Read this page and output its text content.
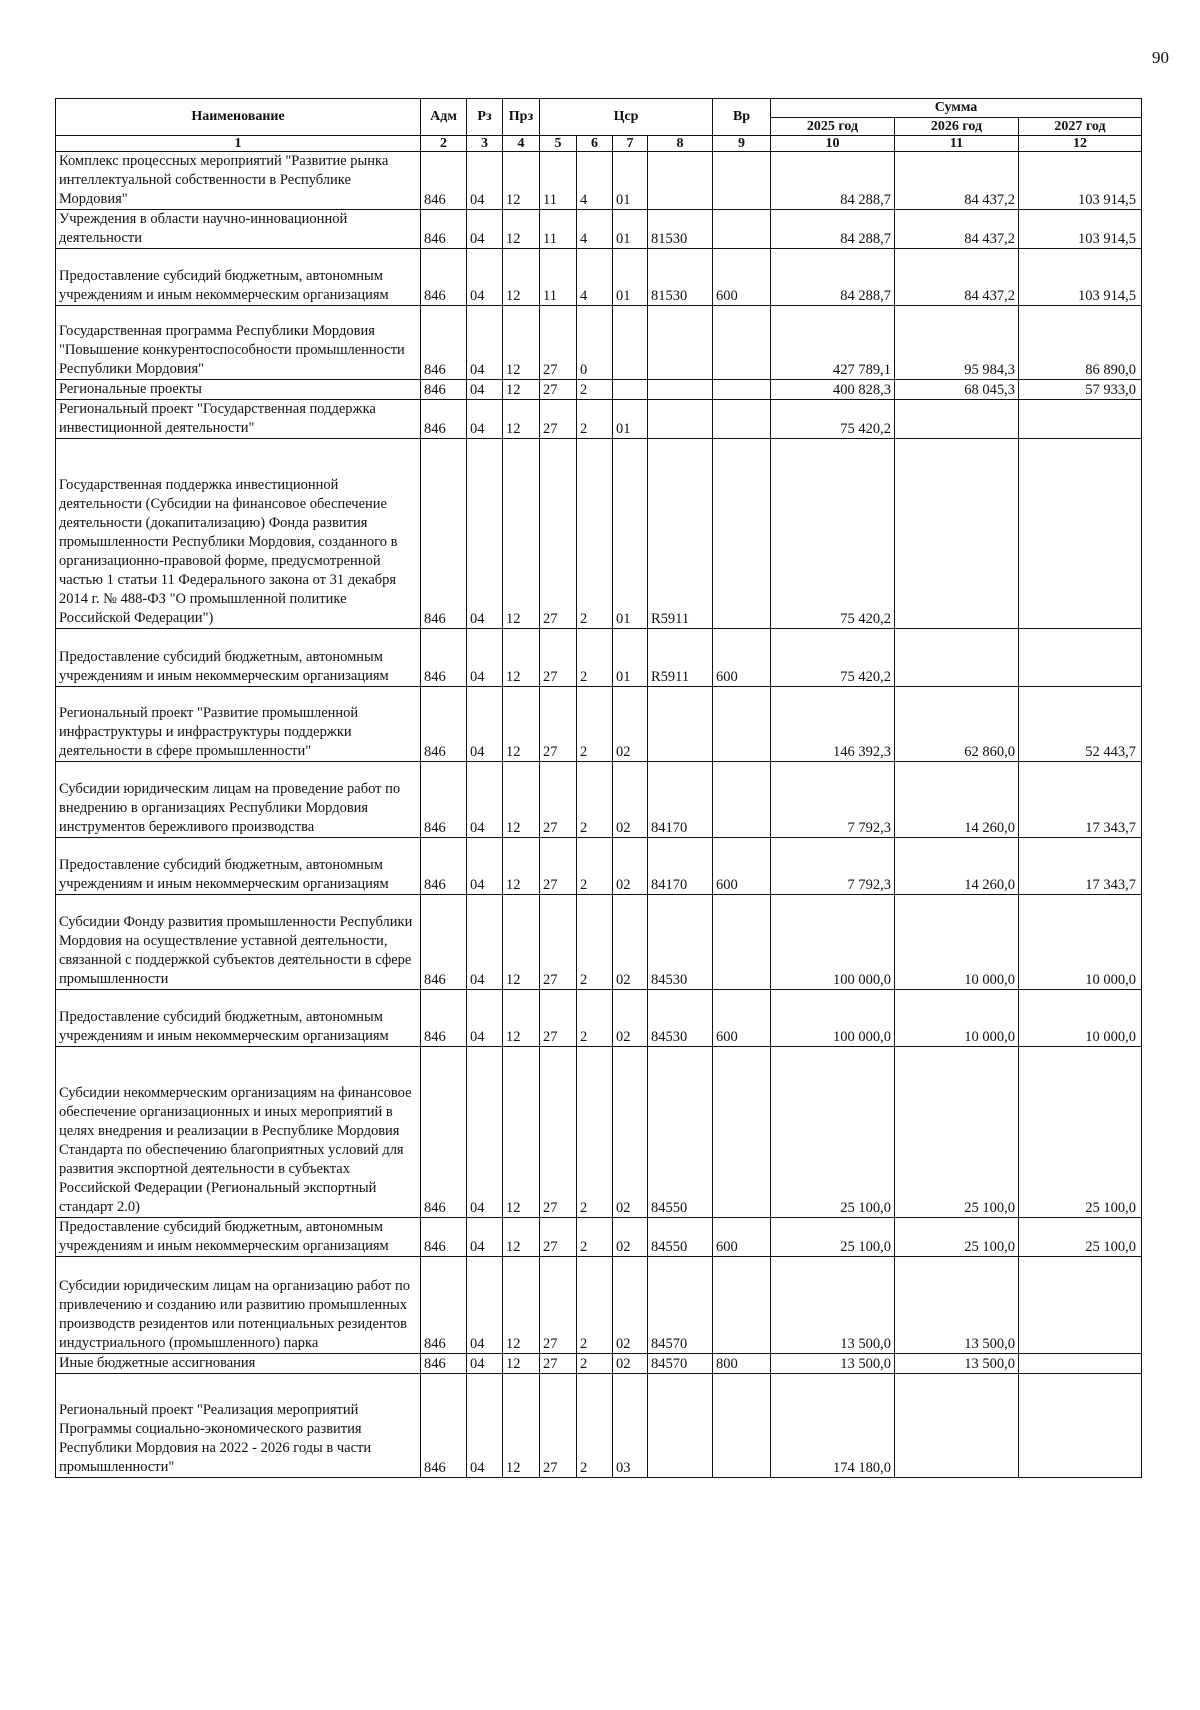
90
Наименование	Адм	Рз	Прз	Цср				Вр	Сумма		
									2025 год	2026 год	2027 год
1	2	3	4	5	6	7	8	9	10	11	12
Комплекс процессных мероприятий "Развитие рынка интеллектуальной собственности в Республике Мордовия"	846	04	12	11	4	01			84 288,7	84 437,2	103 914,5
Учреждения в области научно-инновационной деятельности	846	04	12	11	4	01	81530		84 288,7	84 437,2	103 914,5
Предоставление субсидий бюджетным, автономным учреждениям и иным некоммерческим организациям	846	04	12	11	4	01	81530	600	84 288,7	84 437,2	103 914,5
Государственная программа Республики Мордовия "Повышение конкурентоспособности промышленности Республики Мордовия"	846	04	12	27	0				427 789,1	95 984,3	86 890,0
Региональные проекты	846	04	12	27	2				400 828,3	68 045,3	57 933,0
Региональный проект "Государственная поддержка инвестиционной деятельности"	846	04	12	27	2	01			75 420,2		
Государственная поддержка инвестиционной деятельности (Субсидии на финансовое обеспечение деятельности (докапитализацию) Фонда развития промышленности Республики Мордовия, созданного в организационно-правовой форме, предусмотренной частью 1 статьи 11 Федерального закона от 31 декабря 2014 г. № 488-ФЗ "О промышленной политике Российской Федерации")	846	04	12	27	2	01	R5911		75 420,2		
Предоставление субсидий бюджетным, автономным учреждениям и иным некоммерческим организациям	846	04	12	27	2	01	R5911	600	75 420,2		
Региональный проект "Развитие промышленной инфраструктуры и инфраструктуры поддержки деятельности в сфере промышленности"	846	04	12	27	2	02			146 392,3	62 860,0	52 443,7
Субсидии юридическим лицам на проведение работ по внедрению в организациях Республики Мордовия инструментов бережливого производства	846	04	12	27	2	02	84170		7 792,3	14 260,0	17 343,7
Предоставление субсидий бюджетным, автономным учреждениям и иным некоммерческим организациям	846	04	12	27	2	02	84170	600	7 792,3	14 260,0	17 343,7
Субсидии Фонду развития промышленности Республики Мордовия на осуществление уставной деятельности, связанной с поддержкой субъектов деятельности в сфере промышленности	846	04	12	27	2	02	84530		100 000,0	10 000,0	10 000,0
Предоставление субсидий бюджетным, автономным учреждениям и иным некоммерческим организациям	846	04	12	27	2	02	84530	600	100 000,0	10 000,0	10 000,0
Субсидии некоммерческим организациям на финансовое обеспечение организационных и иных мероприятий в целях внедрения и реализации в Республике Мордовия Стандарта по обеспечению благоприятных условий для развития экспортной деятельности в субъектах Российской Федерации (Региональный экспортный стандарт 2.0)	846	04	12	27	2	02	84550		25 100,0	25 100,0	25 100,0
Предоставление субсидий бюджетным, автономным учреждениям и иным некоммерческим организациям	846	04	12	27	2	02	84550	600	25 100,0	25 100,0	25 100,0
Субсидии юридическим лицам на организацию работ по привлечению и созданию или развитию промышленных производств резидентов или потенциальных резидентов индустриального (промышленного) парка	846	04	12	27	2	02	84570		13 500,0	13 500,0	
Иные бюджетные ассигнования	846	04	12	27	2	02	84570	800	13 500,0	13 500,0	
Региональный проект "Реализация мероприятий Программы социально-экономического развития Республики Мордовия на 2022 - 2026 годы в части промышленности"	846	04	12	27	2	03			174 180,0		
